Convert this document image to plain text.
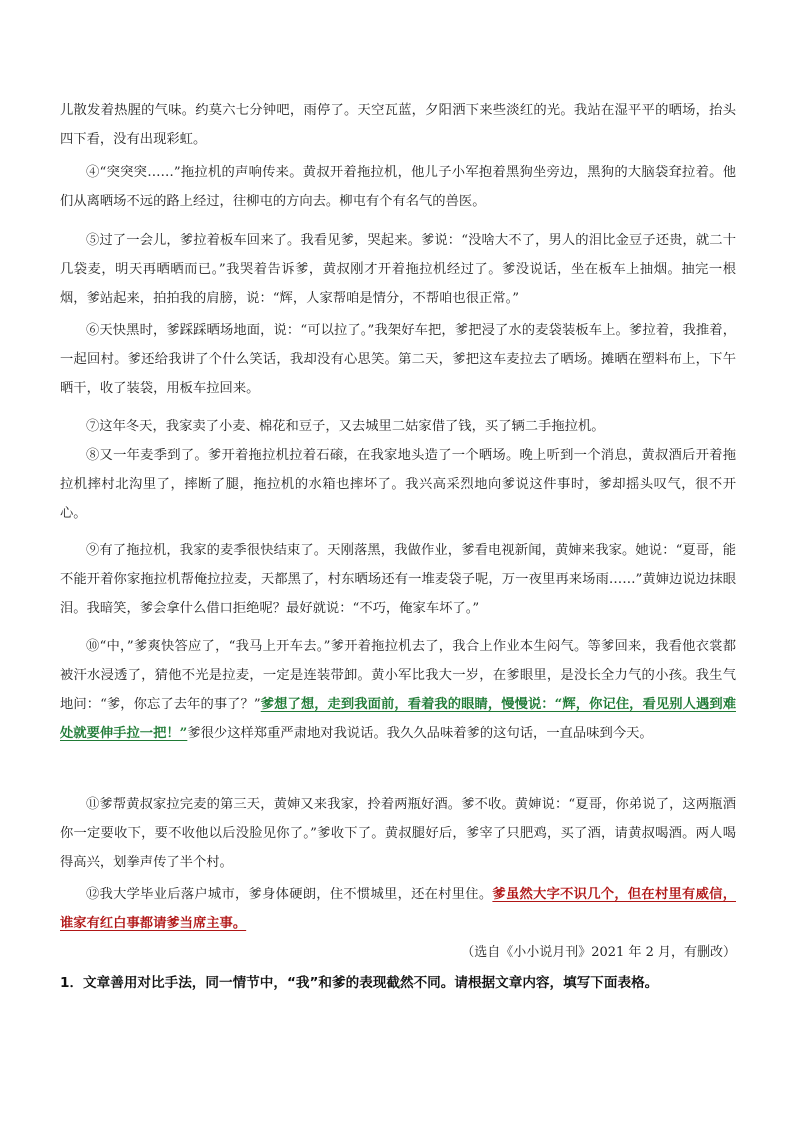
儿散发着热腥的气味。约莫六七分钟吧，雨停了。天空瓦蓝，夕阳洒下来些淡红的光。我站在湿平平的晒场，抬头四下看，没有出现彩虹。

④“突突突……”拖拉机的声响传来。黄叔开着拖拉机，他儿子小军抱着黑狗坐旁边，黑狗的大脑袋耷拉着。他们从离晒场不远的路上经过，往柳屯的方向去。柳屯有个有名气的兽医。

⑤过了一会儿，爹拉着板车回来了。我看见爹，哭起来。爹说：“没啥大不了，男人的泪比金豆子还贵，就二十几袋麦，明天再晒晒而已。”我哭着告诉爹，黄叔刚才开着拖拉机经过了。爹没说话，坐在板车上抽烟。抽完一根烟，爹站起来，拍拍我的肩膀，说：“辉，人家帮咱是情分，不帮咱也很正常。”

⑥天快黑时，爹踩踩晒场地面，说：“可以拉了。”我架好车把，爹把浸了水的麦袋装板车上。爹拉着，我推着，一起回村。爹还给我讲了个什么笑话，我却没有心思笑。第二天，爹把这车麦拉去了晒场。摊晒在塑料布上，下午晒干，收了装袋，用板车拉回来。

⑦这年冬天，我家卖了小麦、棉花和豆子，又去城里二姑家借了钱，买了辆二手拖拉机。

⑧又一年麦季到了。爹开着拖拉机拉着石磙，在我家地头造了一个晒场。晚上听到一个消息，黄叔酒后开着拖拉机摔村北沟里了，摔断了腿，拖拉机的水箱也摔坏了。我兴高采烈地向爹说这件事时，爹却摇头叹气，很不开心。

⑨有了拖拉机，我家的麦季很快结束了。天刚落黑，我做作业，爹看电视新闻，黄婶来我家。她说：“夏哥，能不能开着你家拖拉机帮俺拉拉麦，天都黑了，村东晒场还有一堆麦袋子呢，万一夜里再来场雨……”黄婶边说边抹眼泪。我暗笑，爹会拿什么借口拒绝呢？最好就说：“不巧，俺家车坏了。”

⑩“中，”爹爽快答应了，“我马上开车去。”爹开着拖拉机去了，我合上作业本生闷气。等爹回来，我看他衣裳都被汗水浸透了，猜他不光是拉麦，一定是连装带卸。黄小军比我大一岁，在爹眼里，是没长全力气的小孩。我生气地问：“爹，你忘了去年的事了？”爹想了想，走到我面前，看着我的眼睛，慢慢说：“辉，你记住，看见别人遇到难处就要伸手拉一把！”爹很少这样郑重严肃地对我说话。我久久品味着爹的这句话，一直品味到今天。

⑪爹帮黄叔家拉完麦的第三天，黄婶又来我家，拎着两瓶好酒。爹不收。黄婶说：“夏哥，你弟说了，这两瓶酒你一定要收下，要不收他以后没脸见你了。”爹收下了。黄叔腿好后，爹宰了只肥鸡，买了酒，请黄叔喝酒。两人喝得高兴，划拳声传了半个村。

⑫我大学毕业后落户城市，爹身体硬朗，住不惯城里，还在村里住。爹虽然大字不识几个，但在村里有威信，谁家有红白事都请爹当席主事。

（选自《小小说月刊》2021 年 2 月，有删改）

1．文章善用对比手法，同一情节中，“我”和爹的表现截然不同。请根据文章内容，填写下面表格。
